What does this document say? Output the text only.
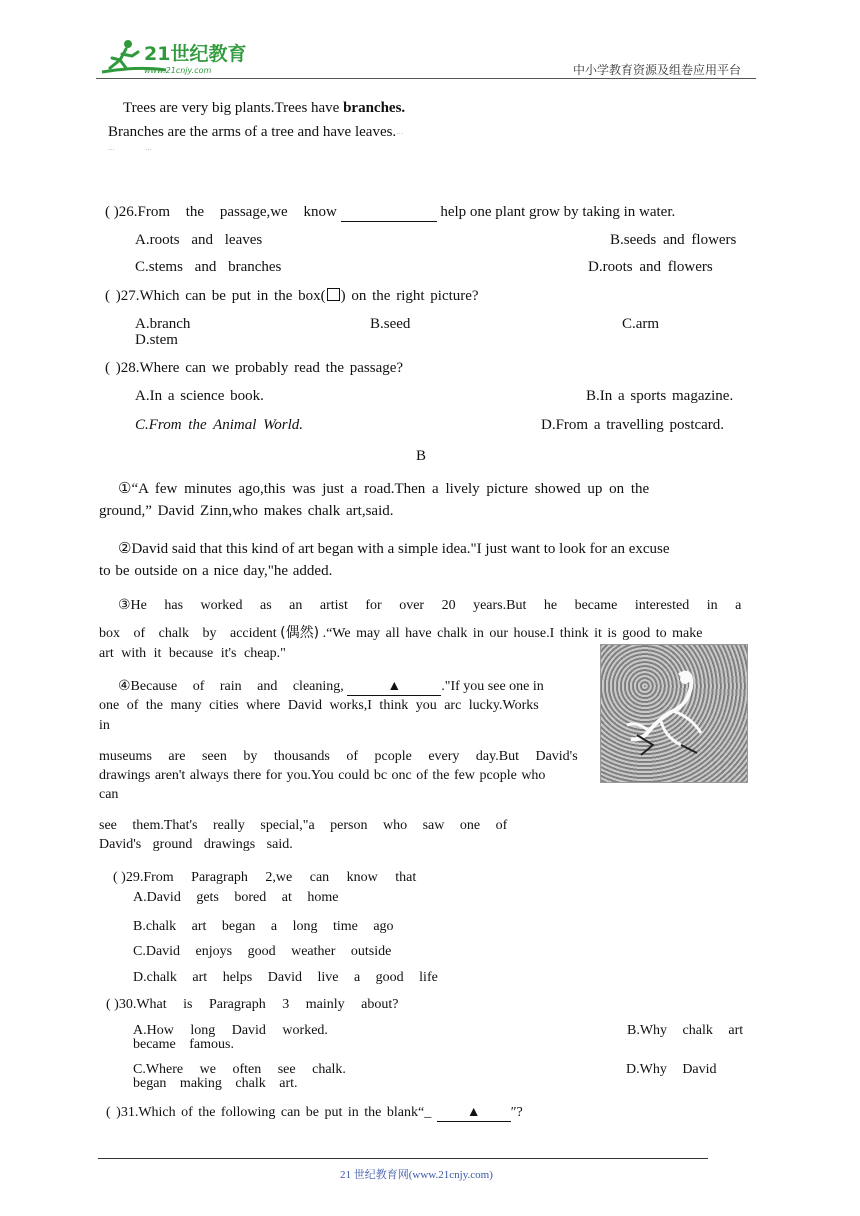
21世纪教育
www.21cnjy.com	中小学教育资源及组卷应用平台
Trees are very big plants.Trees have branches.
Branches are the arms of a tree and have leaves.···
···	···
( )26.From the passage,we know	help one plant grow by taking in water.
A.roots and leaves	B.seeds and flowers
C.stems and branches	D.roots and flowers
( )27.Which can be put in the box( ) on the right picture?
A.branch	B.seed	C.arm
D.stem
( )28.Where can we probably read the passage?
A.In a science book.	B.In a sports magazine.
C.From the Animal World.	D.From a travelling postcard.
B
①“A few minutes ago,this was just a road.Then a lively picture showed up on the
ground,” David Zinn,who makes chalk art,said.
②David said that this kind of art began with a simple idea."I just want to look for an excuse
to be outside on a nice day,"he added.
③He has worked as an artist for over 20 years.But he became interested in a
box of chalk by accident (偶然) .“We may all have chalk in our house.I think it is good to make
art with it because it's cheap."
④Because of rain and cleaning,	▲	."If you see one in
one of the many cities where David works,I think you arc lucky.Works
in
museums are seen by thousands of pcople every day.But David's
drawings aren't always there for you.You could bc onc of the few pcople who
can
see them.That's really special,"a person who saw one of
David's ground drawings said.
( )29.From Paragraph 2,we can know that
A.David gets bored at home
B.chalk art began a long time ago
C.David enjoys good weather outside
D.chalk art helps David live a good life
( )30.What is Paragraph 3 mainly about?
A.How long David worked.	B.Why chalk art
became famous.
C.Where we often see chalk.	D.Why David
began making chalk art.
( )31.Which of the following can be put in the blank“_	▲ ″?
21 世纪教育网(www.21cnjy.com)
